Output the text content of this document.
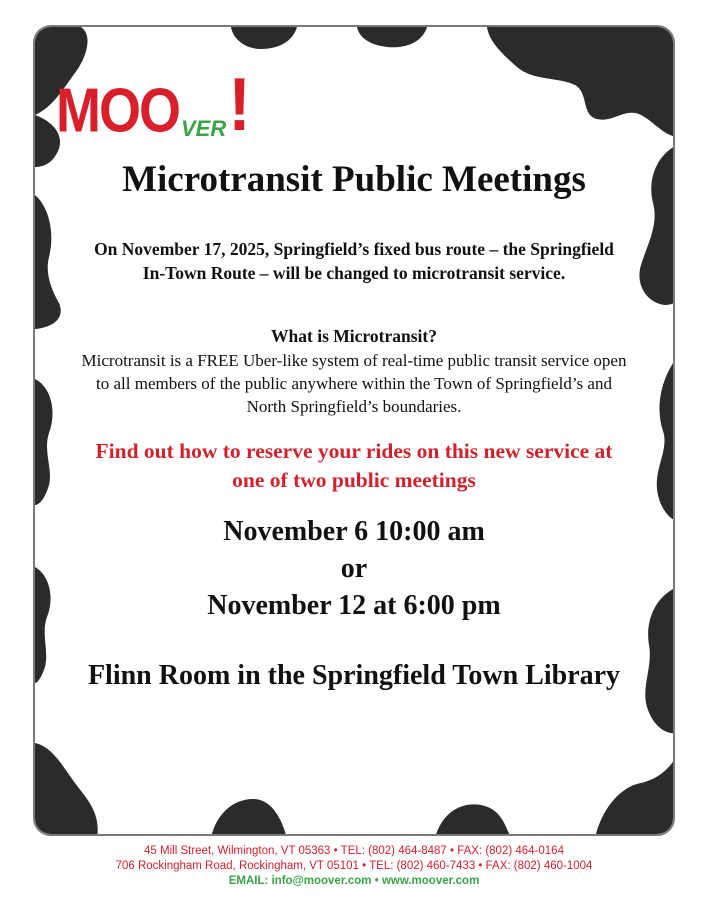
MOO VER !
Microtransit Public Meetings

On November 17, 2025, Springfield’s fixed bus route – the Springfield In-Town Route – will be changed to microtransit service.

What is Microtransit?
Microtransit is a FREE Uber-like system of real-time public transit service open to all members of the public anywhere within the Town of Springfield’s and North Springfield’s boundaries.
Find out how to reserve your rides on this new service at one of two public meetings
November 6 10:00 am
or
November 12 at 6:00 pm
Flinn Room in the Springfield Town Library
45 Mill Street, Wilmington, VT 05363 • TEL: (802) 464-8487 • FAX: (802) 464-0164
706 Rockingham Road, Rockingham, VT 05101 • TEL: (802) 460-7433 • FAX: (802) 460-1004
EMAIL: info@moover.com • www.moover.com
